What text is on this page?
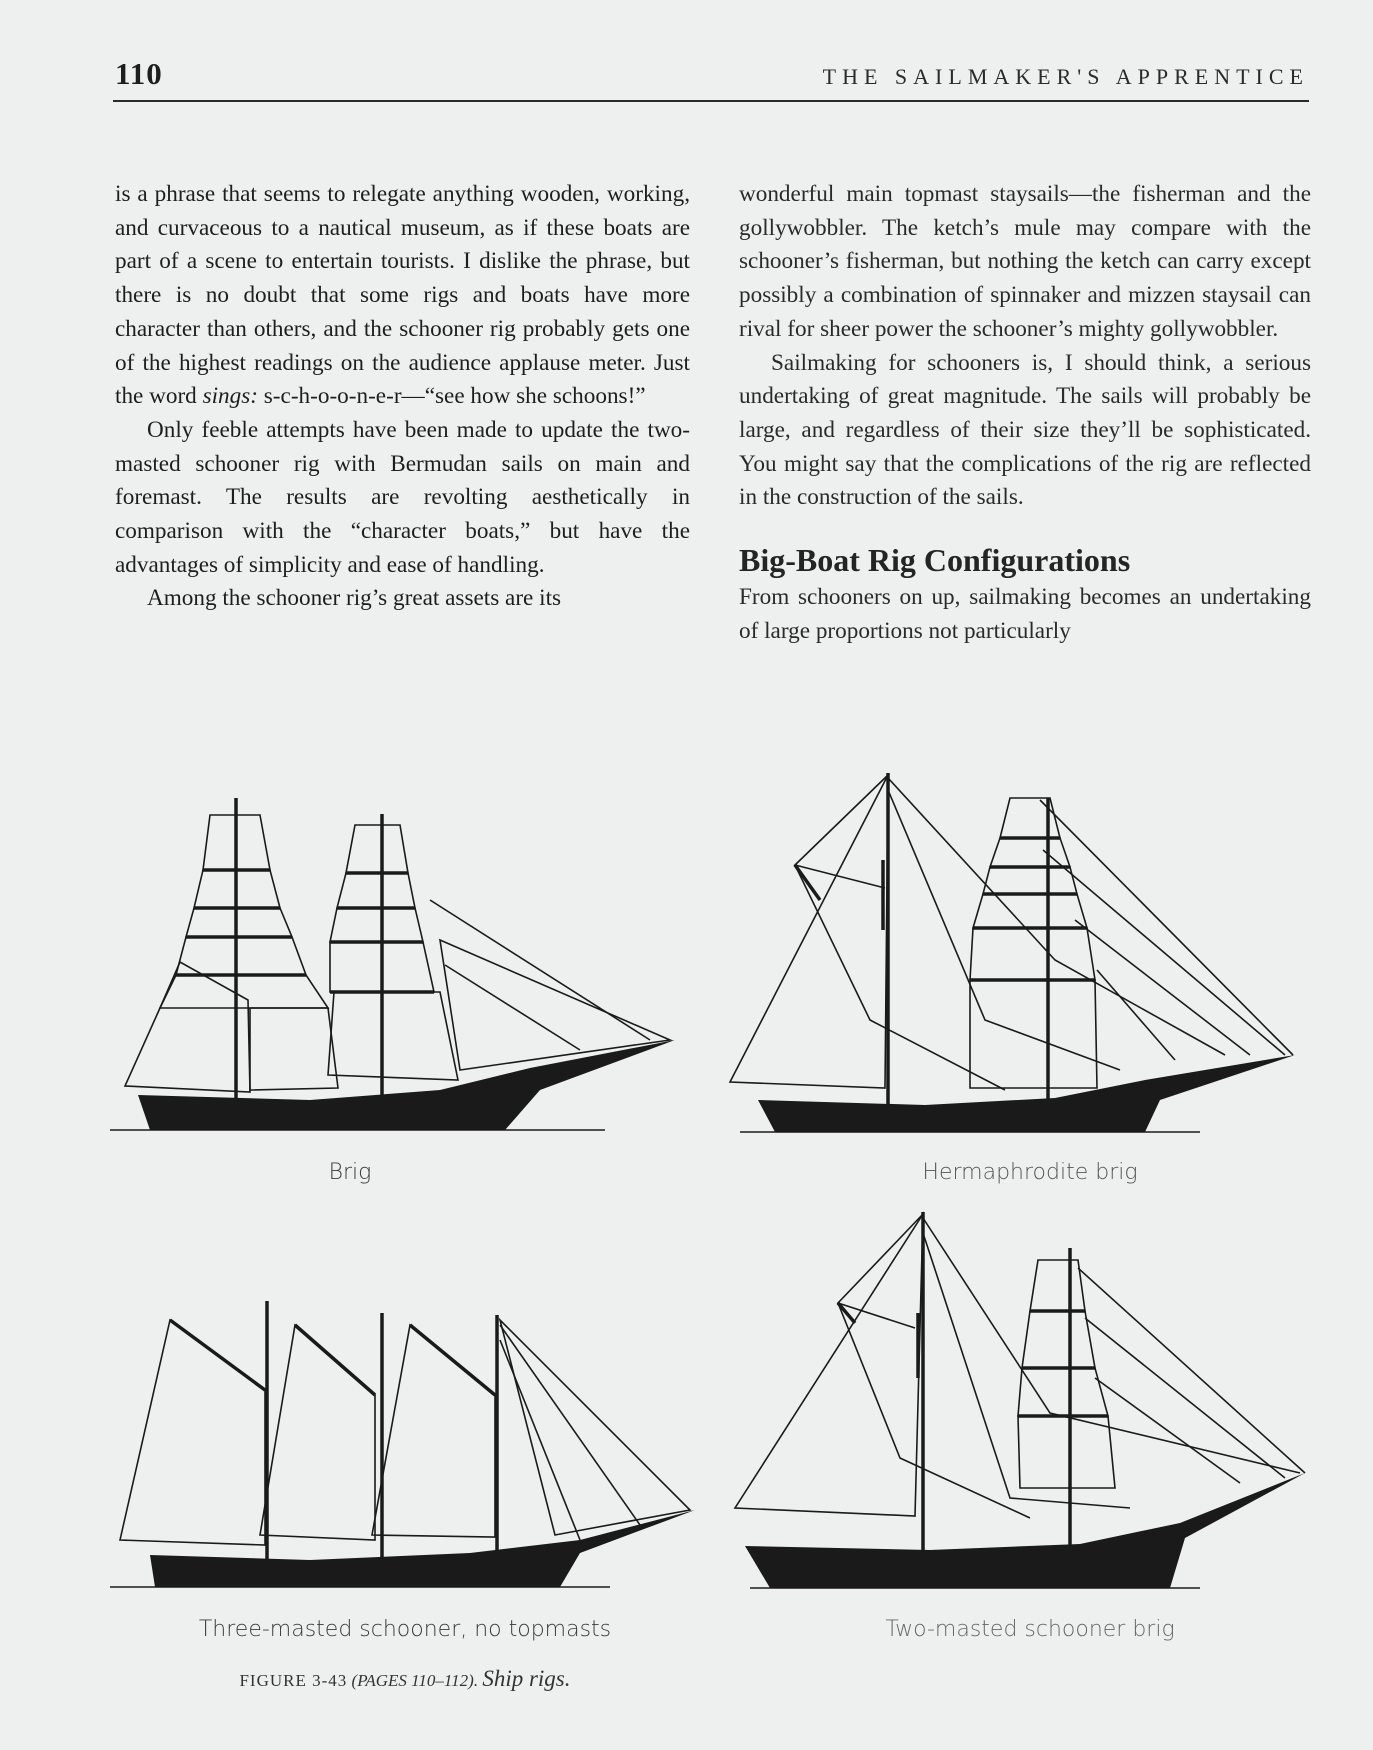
110	THE SAILMAKER'S APPRENTICE

is a phrase that seems to relegate anything wooden, working, and curvaceous to a nautical museum, as if these boats are part of a scene to entertain tourists. I dislike the phrase, but there is no doubt that some rigs and boats have more character than others, and the schooner rig probably gets one of the highest readings on the audience applause meter. Just the word sings: s-c-h-o-o-n-e-r—“see how she schoons!”

Only feeble attempts have been made to update the two-masted schooner rig with Bermudan sails on main and foremast. The results are revolting aesthetically in comparison with the “character boats,” but have the advantages of simplicity and ease of handling.

Among the schooner rig’s great assets are its

wonderful main topmast staysails—the fisherman and the gollywobbler. The ketch’s mule may compare with the schooner’s fisherman, but nothing the ketch can carry except possibly a combination of spinnaker and mizzen staysail can rival for sheer power the schooner’s mighty gollywobbler.

Sailmaking for schooners is, I should think, a serious undertaking of great magnitude. The sails will probably be large, and regardless of their size they’ll be sophisticated. You might say that the complications of the rig are reflected in the construction of the sails.

Big-Boat Rig Configurations

From schooners on up, sailmaking becomes an undertaking of large proportions not particularly

Brig	Hermaphrodite brig
Three-masted schooner, no topmasts	Two-masted schooner brig
FIGURE 3-43 (PAGES 110–112). Ship rigs.
